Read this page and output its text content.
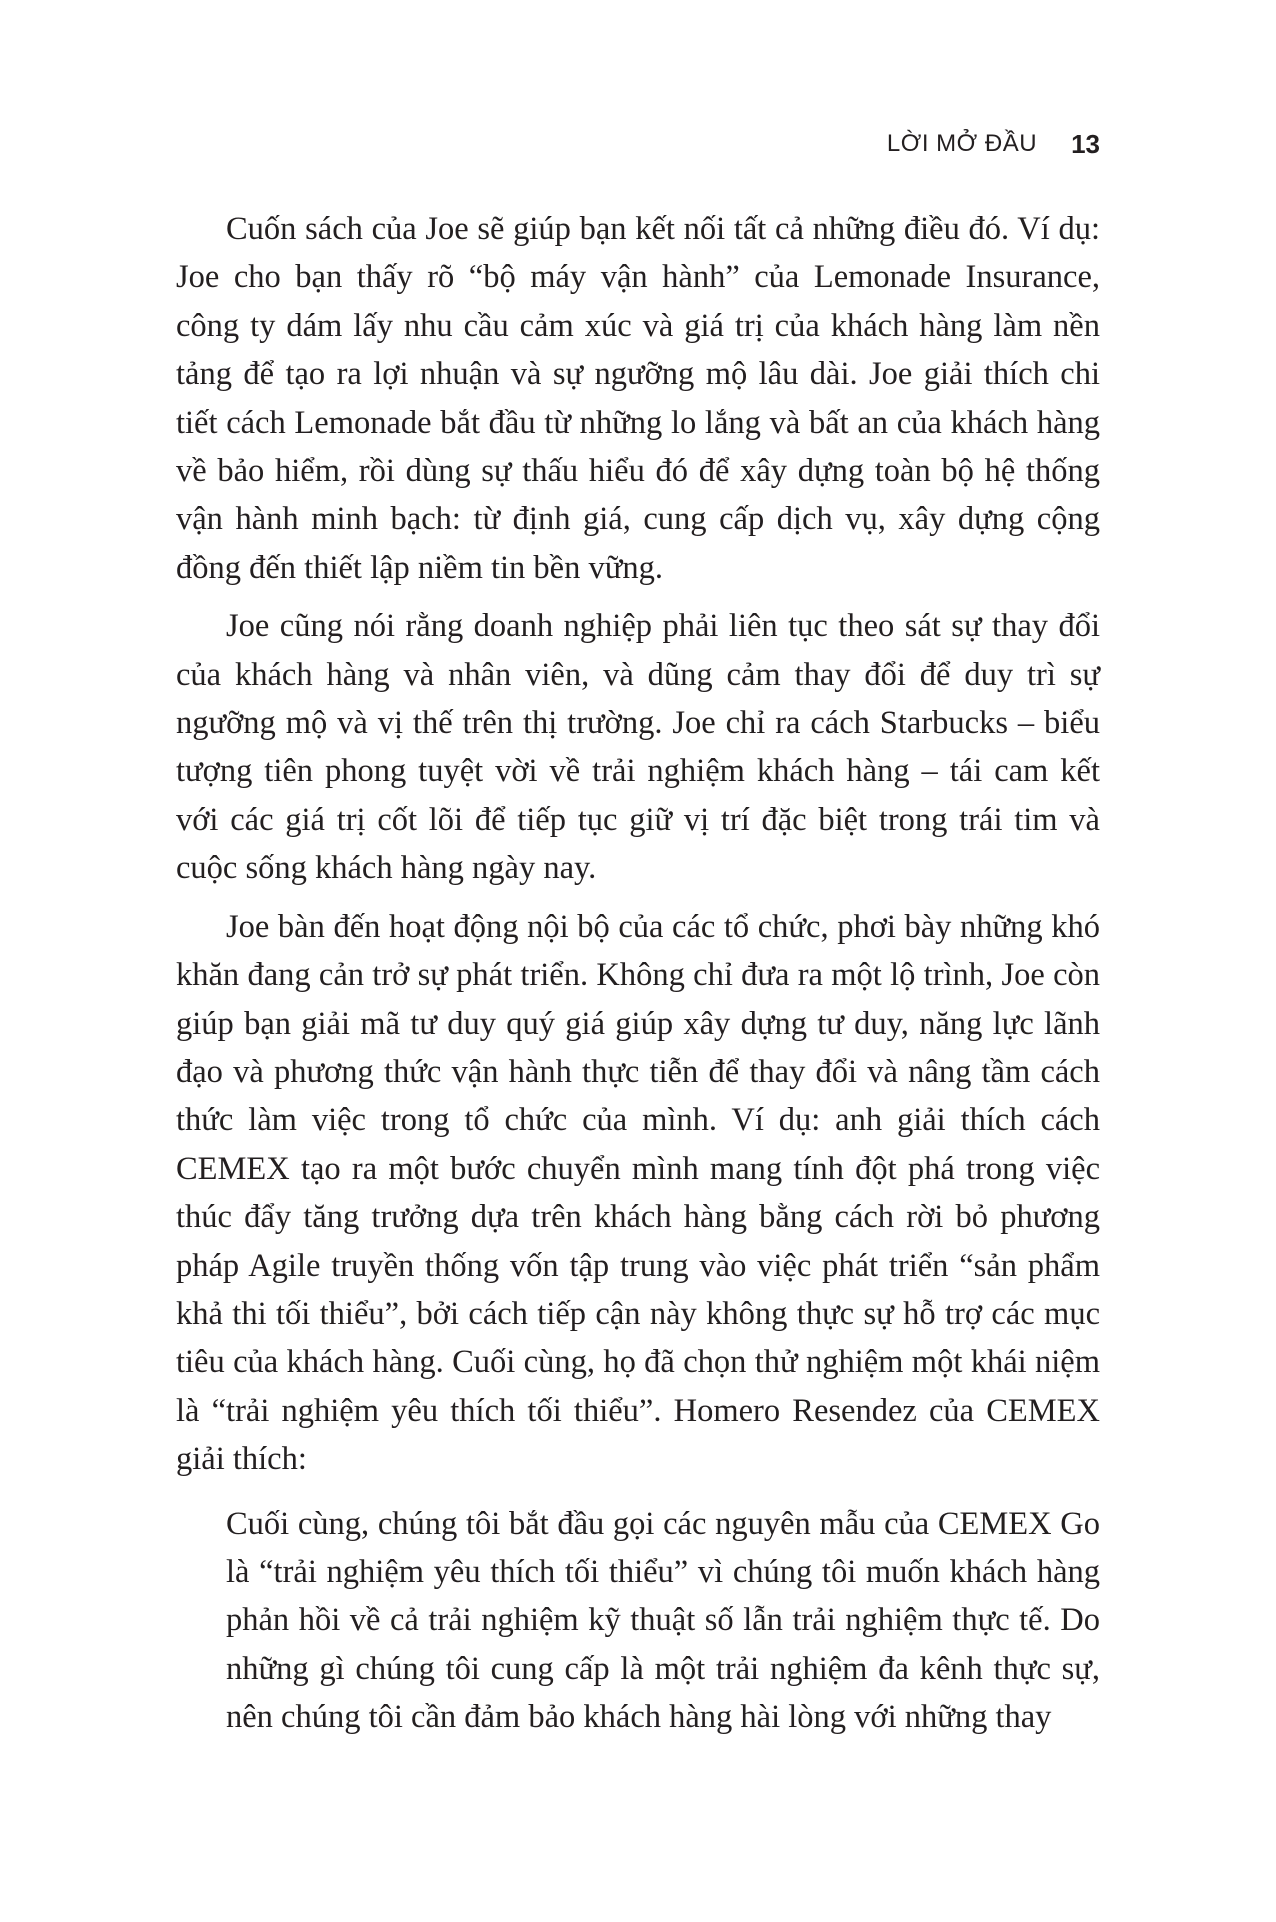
LỜI MỞ ĐẦU 13

Cuốn sách của Joe sẽ giúp bạn kết nối tất cả những điều đó. Ví dụ: Joe cho bạn thấy rõ “bộ máy vận hành” của Lemonade Insurance, công ty dám lấy nhu cầu cảm xúc và giá trị của khách hàng làm nền tảng để tạo ra lợi nhuận và sự ngưỡng mộ lâu dài. Joe giải thích chi tiết cách Lemonade bắt đầu từ những lo lắng và bất an của khách hàng về bảo hiểm, rồi dùng sự thấu hiểu đó để xây dựng toàn bộ hệ thống vận hành minh bạch: từ định giá, cung cấp dịch vụ, xây dựng cộng đồng đến thiết lập niềm tin bền vững.

Joe cũng nói rằng doanh nghiệp phải liên tục theo sát sự thay đổi của khách hàng và nhân viên, và dũng cảm thay đổi để duy trì sự ngưỡng mộ và vị thế trên thị trường. Joe chỉ ra cách Starbucks – biểu tượng tiên phong tuyệt vời về trải nghiệm khách hàng – tái cam kết với các giá trị cốt lõi để tiếp tục giữ vị trí đặc biệt trong trái tim và cuộc sống khách hàng ngày nay.

Joe bàn đến hoạt động nội bộ của các tổ chức, phơi bày những khó khăn đang cản trở sự phát triển. Không chỉ đưa ra một lộ trình, Joe còn giúp bạn giải mã tư duy quý giá giúp xây dựng tư duy, năng lực lãnh đạo và phương thức vận hành thực tiễn để thay đổi và nâng tầm cách thức làm việc trong tổ chức của mình. Ví dụ: anh giải thích cách CEMEX tạo ra một bước chuyển mình mang tính đột phá trong việc thúc đẩy tăng trưởng dựa trên khách hàng bằng cách rời bỏ phương pháp Agile truyền thống vốn tập trung vào việc phát triển “sản phẩm khả thi tối thiểu”, bởi cách tiếp cận này không thực sự hỗ trợ các mục tiêu của khách hàng. Cuối cùng, họ đã chọn thử nghiệm một khái niệm là “trải nghiệm yêu thích tối thiểu”. Homero Resendez của CEMEX giải thích:

Cuối cùng, chúng tôi bắt đầu gọi các nguyên mẫu của CEMEX Go là “trải nghiệm yêu thích tối thiểu” vì chúng tôi muốn khách hàng phản hồi về cả trải nghiệm kỹ thuật số lẫn trải nghiệm thực tế. Do những gì chúng tôi cung cấp là một trải nghiệm đa kênh thực sự, nên chúng tôi cần đảm bảo khách hàng hài lòng với những thay
